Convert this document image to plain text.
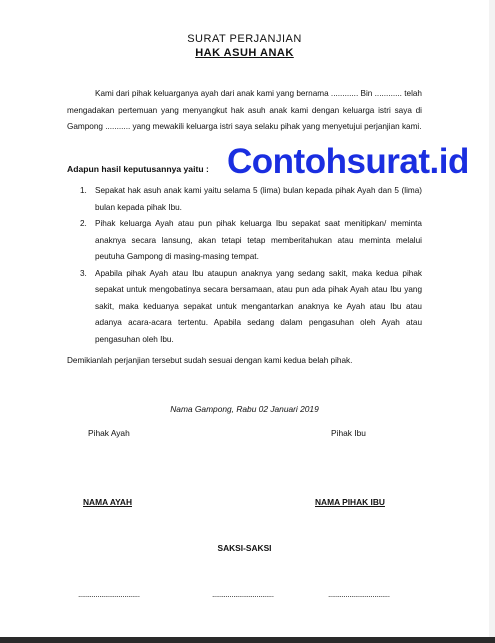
SURAT PERJANJIAN
HAK ASUH ANAK
Kami dari pihak keluarganya ayah dari anak kami yang bernama ............ Bin ............ telah mengadakan pertemuan yang menyangkut hak asuh anak kami dengan keluarga istri saya di Gampong ........... yang mewakili keluarga istri saya selaku pihak yang menyetujui perjanjian kami.
Adapun hasil keputusannya yaitu :
1. Sepakat hak asuh anak kami yaitu selama 5 (lima) bulan kepada pihak Ayah dan 5 (lima) bulan kepada pihak Ibu.
2. Pihak keluarga Ayah atau pun pihak keluarga Ibu sepakat saat menitipkan/ meminta anaknya secara lansung, akan tetapi tetap memberitahukan atau meminta melalui peutuha Gampong di masing-masing tempat.
3. Apabila pihak Ayah atau Ibu ataupun anaknya yang sedang sakit, maka kedua pihak sepakat untuk mengobatinya secara bersamaan, atau pun ada pihak Ayah atau Ibu yang sakit, maka keduanya sepakat untuk mengantarkan anaknya ke Ayah atau Ibu atau adanya acara-acara tertentu. Apabila sedang dalam pengasuhan oleh Ayah atau pengasuhan oleh Ibu.
Demikianlah perjanjian tersebut sudah sesuai dengan kami kedua belah pihak.
Nama Gampong, Rabu 02 Januari 2019
Pihak Ayah	Pihak Ibu
NAMA AYAH	NAMA PIHAK IBU
SAKSI-SAKSI
................................	................................	................................
Contohsurat.id
